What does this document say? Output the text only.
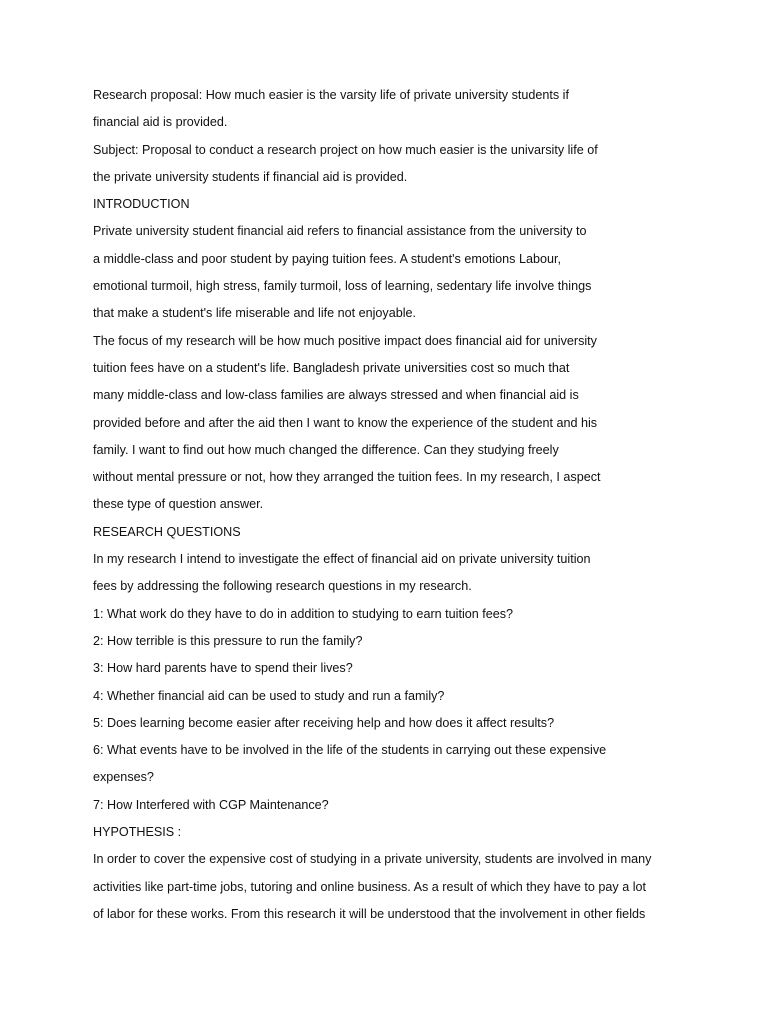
Research proposal: How much easier is the varsity life of private university students if
financial aid is provided.
Subject: Proposal to conduct a research project on how much easier is the univarsity life of
the private university students if financial aid is provided.
INTRODUCTION
Private university student financial aid refers to financial assistance from the university to
a middle-class and poor student by paying tuition fees. A student's emotions Labour,
emotional turmoil, high stress, family turmoil, loss of learning, sedentary life involve things
that make a student's life miserable and life not enjoyable.
The focus of my research will be how much positive impact does financial aid for university
tuition fees have on a student's life. Bangladesh private universities cost so much that
many middle-class and low-class families are always stressed and when financial aid is
provided before and after the aid then I want to know the experience of the student and his
family. I want to find out how much changed the difference. Can they studying freely
without mental pressure or not, how they arranged the tuition fees. In my research, I aspect
these type of question answer.
RESEARCH QUESTIONS
In my research I intend to investigate the effect of financial aid on private university tuition
fees by addressing the following research questions in my research.
1: What work do they have to do in addition to studying to earn tuition fees?
2: How terrible is this pressure to run the family?
3: How hard parents have to spend their lives?
4: Whether financial aid can be used to study and run a family?
5: Does learning become easier after receiving help and how does it affect results?
6: What events have to be involved in the life of the students in carrying out these expensive
expenses?
7: How Interfered with CGP Maintenance?
HYPOTHESIS :
In order to cover the expensive cost of studying in a private university, students are involved in many
activities like part-time jobs, tutoring and online business. As a result of which they have to pay a lot
of labor for these works. From this research it will be understood that the involvement in other fields
